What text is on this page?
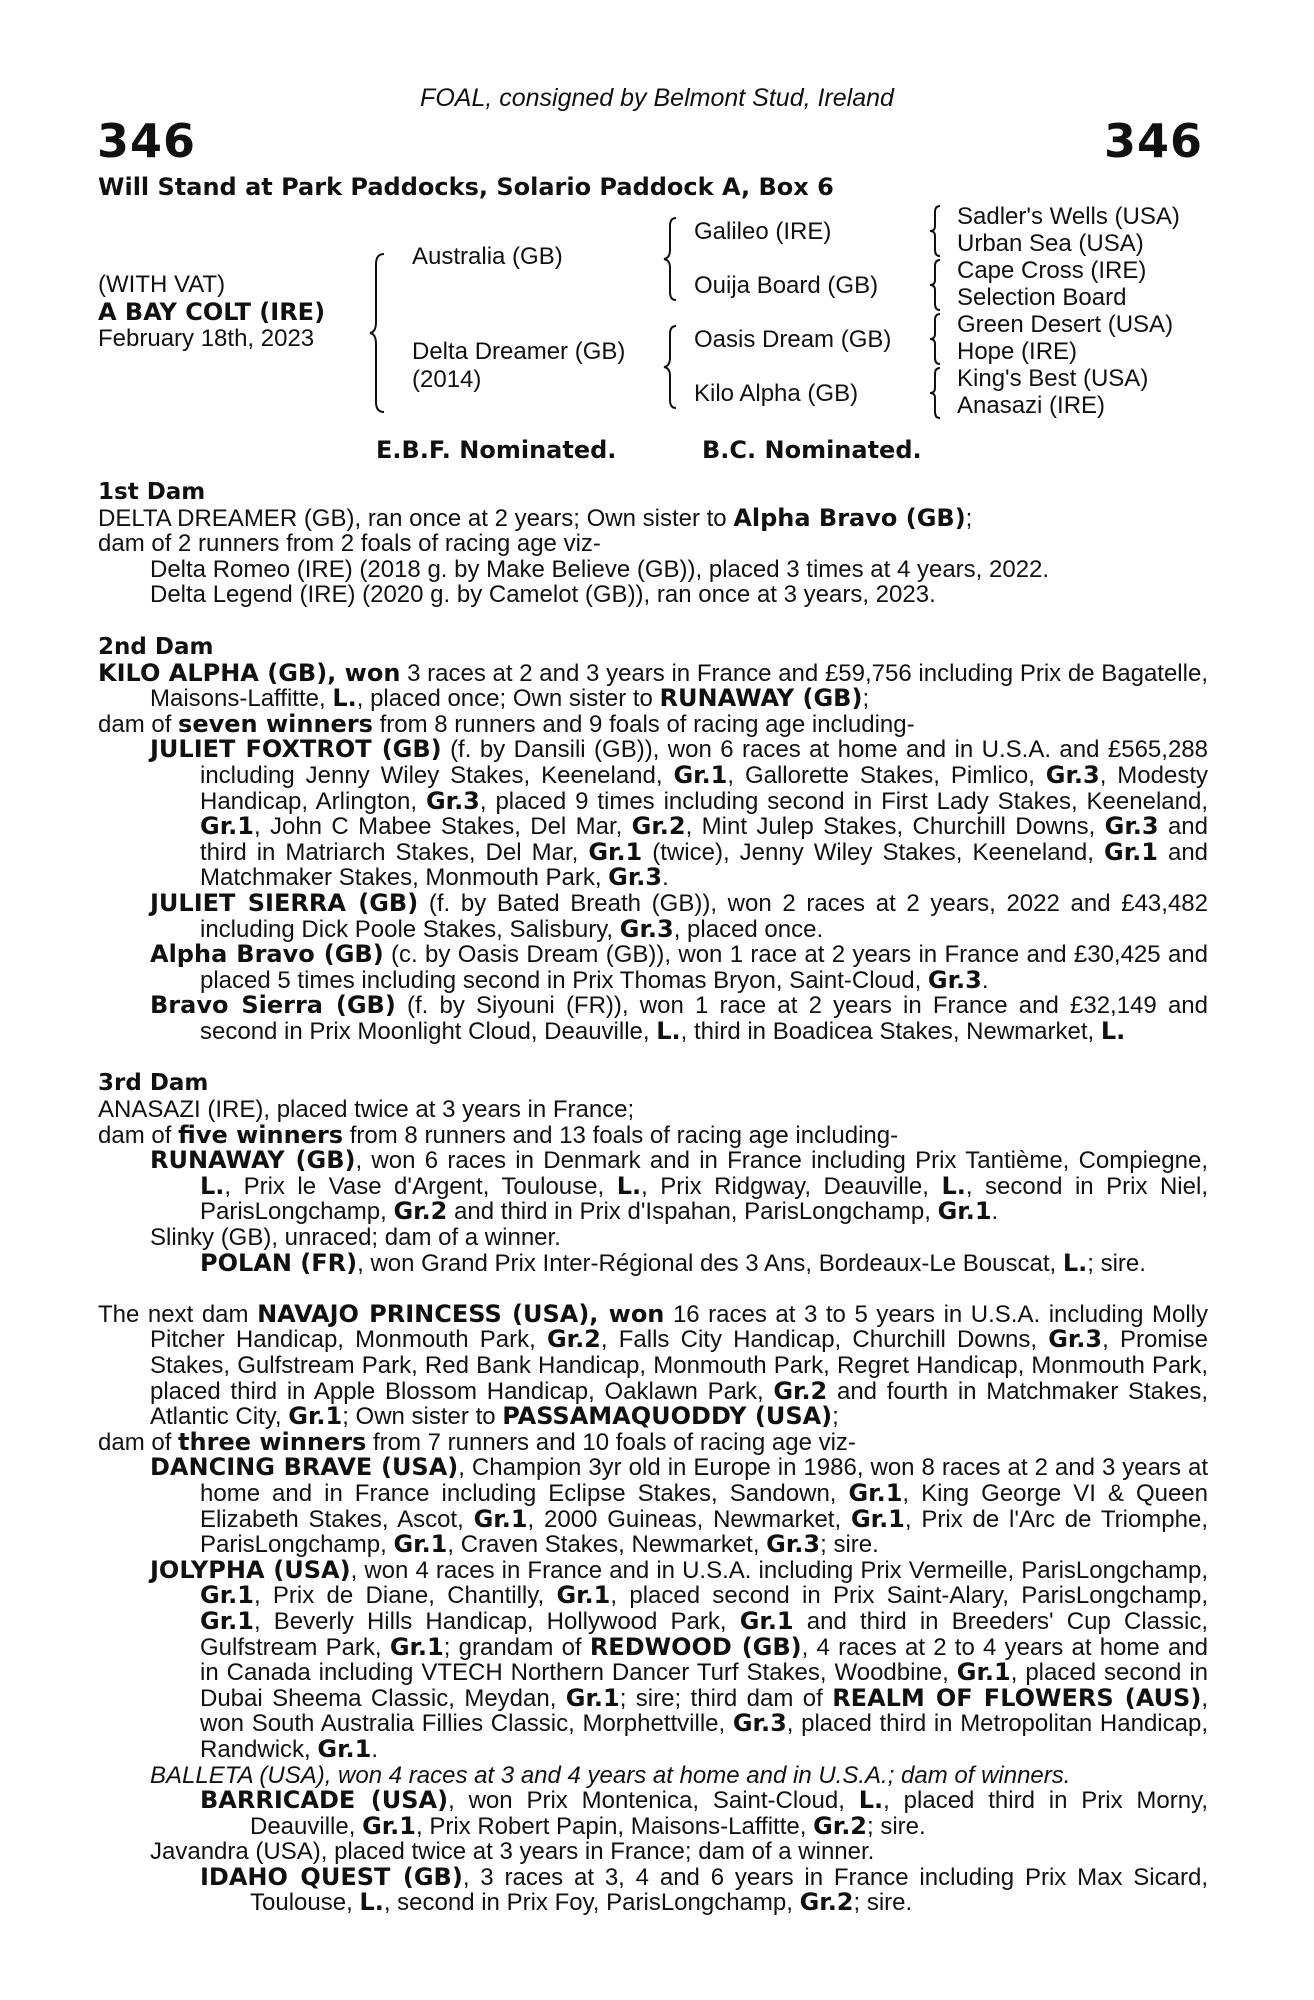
FOAL, consigned by Belmont Stud, Ireland
346	346
Will Stand at Park Paddocks, Solario Paddock A, Box 6
(WITH VAT)
A BAY COLT (IRE)
February 18th, 2023
Australia (GB)
Delta Dreamer (GB)
(2014)
Galileo (IRE)
Ouija Board (GB)
Oasis Dream (GB)
Kilo Alpha (GB)
Sadler's Wells (USA)
Urban Sea (USA)
Cape Cross (IRE)
Selection Board
Green Desert (USA)
Hope (IRE)
King's Best (USA)
Anasazi (IRE)
E.B.F. Nominated.	B.C. Nominated.
1st Dam
DELTA DREAMER (GB), ran once at 2 years; Own sister to Alpha Bravo (GB);
dam of 2 runners from 2 foals of racing age viz-
Delta Romeo (IRE) (2018 g. by Make Believe (GB)), placed 3 times at 4 years, 2022.
Delta Legend (IRE) (2020 g. by Camelot (GB)), ran once at 3 years, 2023.
2nd Dam
KILO ALPHA (GB), won 3 races at 2 and 3 years in France and £59,756 including Prix de Bagatelle, Maisons-Laffitte, L., placed once; Own sister to RUNAWAY (GB);
dam of seven winners from 8 runners and 9 foals of racing age including-
JULIET FOXTROT (GB) (f. by Dansili (GB)), won 6 races at home and in U.S.A. and £565,288 including Jenny Wiley Stakes, Keeneland, Gr.1, Gallorette Stakes, Pimlico, Gr.3, Modesty Handicap, Arlington, Gr.3, placed 9 times including second in First Lady Stakes, Keeneland, Gr.1, John C Mabee Stakes, Del Mar, Gr.2, Mint Julep Stakes, Churchill Downs, Gr.3 and third in Matriarch Stakes, Del Mar, Gr.1 (twice), Jenny Wiley Stakes, Keeneland, Gr.1 and Matchmaker Stakes, Monmouth Park, Gr.3.
JULIET SIERRA (GB) (f. by Bated Breath (GB)), won 2 races at 2 years, 2022 and £43,482 including Dick Poole Stakes, Salisbury, Gr.3, placed once.
Alpha Bravo (GB) (c. by Oasis Dream (GB)), won 1 race at 2 years in France and £30,425 and placed 5 times including second in Prix Thomas Bryon, Saint-Cloud, Gr.3.
Bravo Sierra (GB) (f. by Siyouni (FR)), won 1 race at 2 years in France and £32,149 and second in Prix Moonlight Cloud, Deauville, L., third in Boadicea Stakes, Newmarket, L.
3rd Dam
ANASAZI (IRE), placed twice at 3 years in France;
dam of five winners from 8 runners and 13 foals of racing age including-
RUNAWAY (GB), won 6 races in Denmark and in France including Prix Tantième, Compiegne, L., Prix le Vase d'Argent, Toulouse, L., Prix Ridgway, Deauville, L., second in Prix Niel, ParisLongchamp, Gr.2 and third in Prix d'Ispahan, ParisLongchamp, Gr.1.
Slinky (GB), unraced; dam of a winner.
POLAN (FR), won Grand Prix Inter-Régional des 3 Ans, Bordeaux-Le Bouscat, L.; sire.
The next dam NAVAJO PRINCESS (USA), won 16 races at 3 to 5 years in U.S.A. including Molly Pitcher Handicap, Monmouth Park, Gr.2, Falls City Handicap, Churchill Downs, Gr.3, Promise Stakes, Gulfstream Park, Red Bank Handicap, Monmouth Park, Regret Handicap, Monmouth Park, placed third in Apple Blossom Handicap, Oaklawn Park, Gr.2 and fourth in Matchmaker Stakes, Atlantic City, Gr.1; Own sister to PASSAMAQUODDY (USA);
dam of three winners from 7 runners and 10 foals of racing age viz-
DANCING BRAVE (USA), Champion 3yr old in Europe in 1986, won 8 races at 2 and 3 years at home and in France including Eclipse Stakes, Sandown, Gr.1, King George VI & Queen Elizabeth Stakes, Ascot, Gr.1, 2000 Guineas, Newmarket, Gr.1, Prix de l'Arc de Triomphe, ParisLongchamp, Gr.1, Craven Stakes, Newmarket, Gr.3; sire.
JOLYPHA (USA), won 4 races in France and in U.S.A. including Prix Vermeille, ParisLongchamp, Gr.1, Prix de Diane, Chantilly, Gr.1, placed second in Prix Saint-Alary, ParisLongchamp, Gr.1, Beverly Hills Handicap, Hollywood Park, Gr.1 and third in Breeders' Cup Classic, Gulfstream Park, Gr.1; grandam of REDWOOD (GB), 4 races at 2 to 4 years at home and in Canada including VTECH Northern Dancer Turf Stakes, Woodbine, Gr.1, placed second in Dubai Sheema Classic, Meydan, Gr.1; sire; third dam of REALM OF FLOWERS (AUS), won South Australia Fillies Classic, Morphettville, Gr.3, placed third in Metropolitan Handicap, Randwick, Gr.1.
BALLETA (USA), won 4 races at 3 and 4 years at home and in U.S.A.; dam of winners.
BARRICADE (USA), won Prix Montenica, Saint-Cloud, L., placed third in Prix Morny, Deauville, Gr.1, Prix Robert Papin, Maisons-Laffitte, Gr.2; sire.
Javandra (USA), placed twice at 3 years in France; dam of a winner.
IDAHO QUEST (GB), 3 races at 3, 4 and 6 years in France including Prix Max Sicard, Toulouse, L., second in Prix Foy, ParisLongchamp, Gr.2; sire.
